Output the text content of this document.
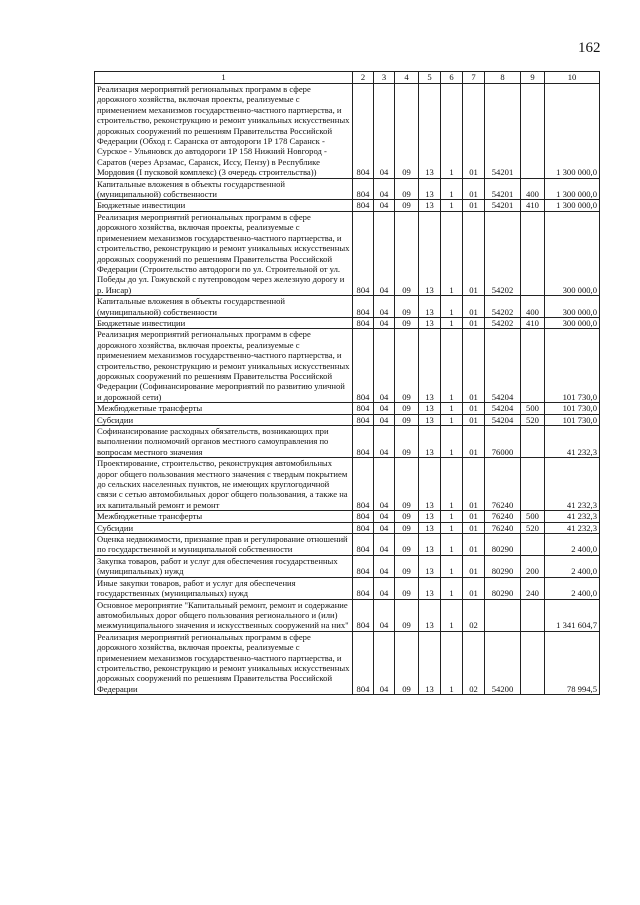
162
1	2	3	4	5	6	7	8	9	10
Реализация мероприятий региональных программ в сфере дорожного хозяйства, включая проекты, реализуемые с применением механизмов государственно-частного партнерства, и строительство, реконструкцию и ремонт уникальных искусственных дорожных сооружений по решениям Правительства Российской Федерации (Обход г. Саранска от автодороги 1Р 178 Саранск - Сурское - Ульяновск до автодороги 1Р 158 Нижний Новгород - Саратов (через Арзамас, Саранск, Иссу, Пензу) в Республике Мордовия (I пусковой комплекс) (3 очередь строительства))	804	04	09	13	1	01	54201		1 300 000,0
Капитальные вложения в объекты государственной (муниципальной) собственности	804	04	09	13	1	01	54201	400	1 300 000,0
Бюджетные инвестиции	804	04	09	13	1	01	54201	410	1 300 000,0
Реализация мероприятий региональных программ в сфере дорожного хозяйства, включая проекты, реализуемые с применением механизмов государственно-частного партнерства, и строительство, реконструкцию и ремонт уникальных искусственных дорожных сооружений по решениям Правительства Российской Федерации (Строительство автодороги по ул. Строительной от ул. Победы до ул. Гожувской с путепроводом через железную дорогу и р. Инсар)	804	04	09	13	1	01	54202		300 000,0
Капитальные вложения в объекты государственной (муниципальной) собственности	804	04	09	13	1	01	54202	400	300 000,0
Бюджетные инвестиции	804	04	09	13	1	01	54202	410	300 000,0
Реализация мероприятий региональных программ в сфере дорожного хозяйства, включая проекты, реализуемые с применением механизмов государственно-частного партнерства, и строительство, реконструкцию и ремонт уникальных искусственных дорожных сооружений по решениям Правительства Российской Федерации (Софинансирование мероприятий по развитию уличной и дорожной сети)	804	04	09	13	1	01	54204		101 730,0
Межбюджетные трансферты	804	04	09	13	1	01	54204	500	101 730,0
Субсидии	804	04	09	13	1	01	54204	520	101 730,0
Софинансирование расходных обязательств, возникающих при выполнении полномочий органов местного самоуправления по вопросам местного значения	804	04	09	13	1	01	76000		41 232,3
Проектирование, строительство, реконструкция автомобильных дорог общего пользования местного значения с твердым покрытием до сельских населенных пунктов, не имеющих круглогодичной связи с сетью автомобильных дорог общего пользования, а также на их капитальный ремонт и ремонт	804	04	09	13	1	01	76240		41 232,3
Межбюджетные трансферты	804	04	09	13	1	01	76240	500	41 232,3
Субсидии	804	04	09	13	1	01	76240	520	41 232,3
Оценка недвижимости, признание прав и регулирование отношений по государственной и муниципальной собственности	804	04	09	13	1	01	80290		2 400,0
Закупка товаров, работ и услуг для обеспечения государственных (муниципальных) нужд	804	04	09	13	1	01	80290	200	2 400,0
Иные закупки товаров, работ и услуг для обеспечения государственных (муниципальных) нужд	804	04	09	13	1	01	80290	240	2 400,0
Основное мероприятие "Капитальный ремонт, ремонт и содержание автомобильных дорог общего пользования регионального и (или) межмуниципального значения и искусственных сооружений на них"	804	04	09	13	1	02			1 341 604,7
Реализация мероприятий региональных программ в сфере дорожного хозяйства, включая проекты, реализуемые с применением механизмов государственно-частного партнерства, и строительство, реконструкцию и ремонт уникальных искусственных дорожных сооружений по решениям Правительства Российской Федерации	804	04	09	13	1	02	54200		78 994,5
